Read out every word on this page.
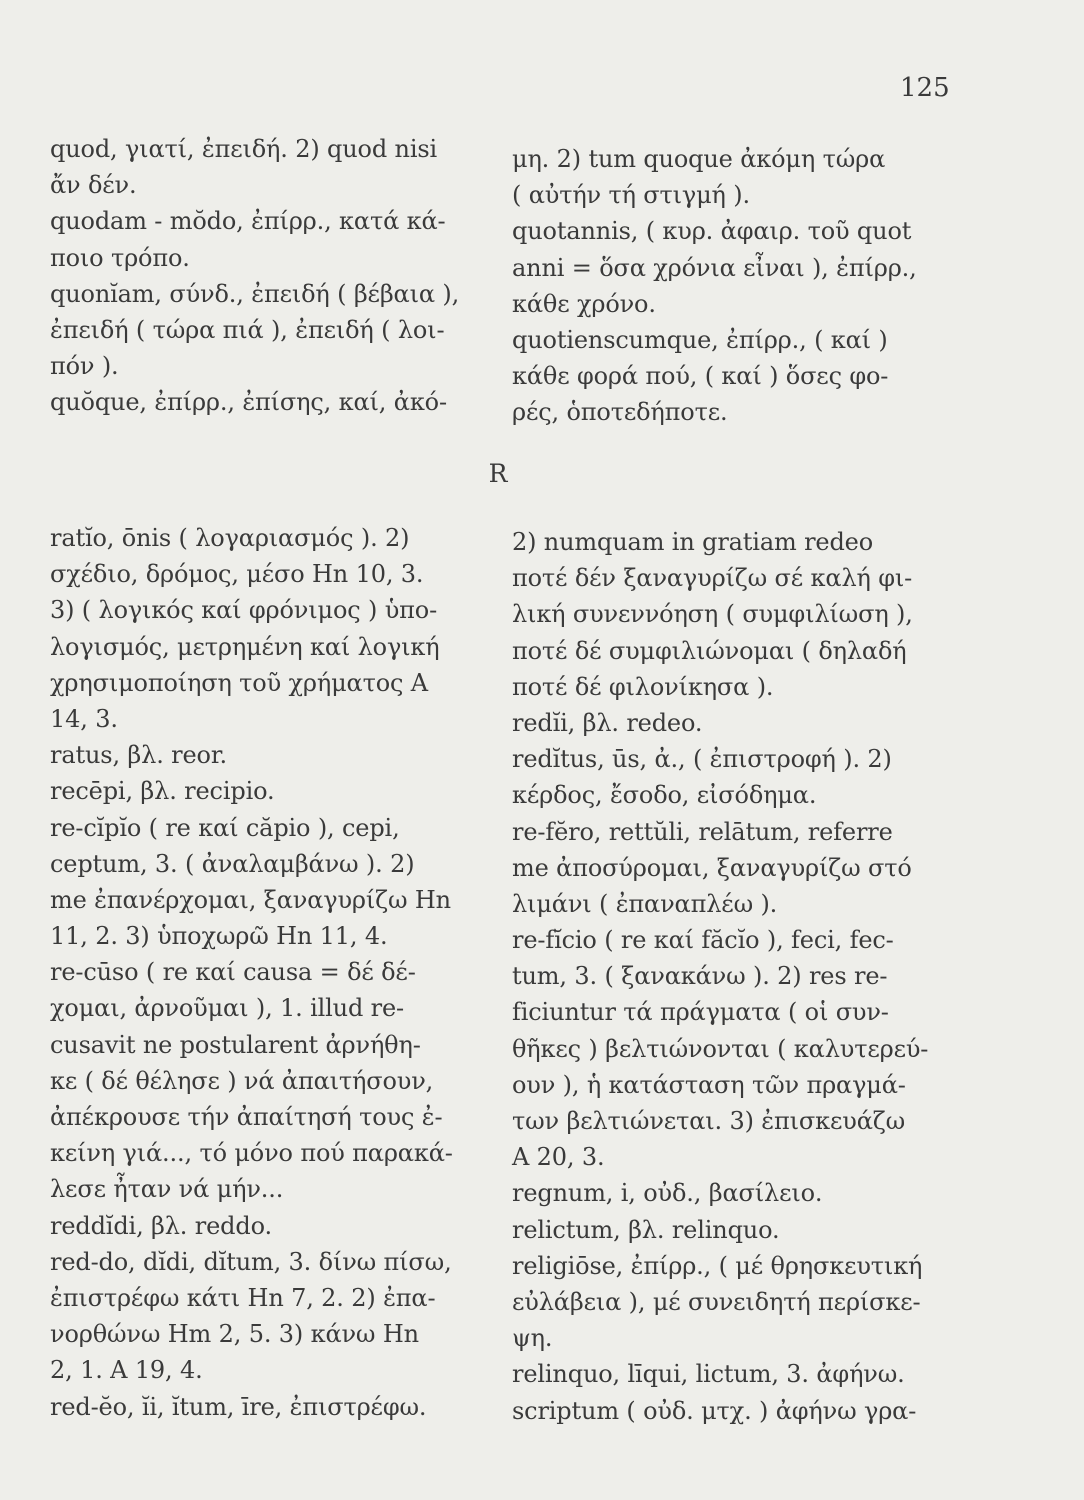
125
quod, γιατί, ἐπειδή. 2) quod nisi
ἄν δέν.
quodam - mŏdo, ἐπίρρ., κατά κά-
ποιο τρόπο.
quonĭam, σύνδ., ἐπειδή ( βέβαια ),
ἐπειδή ( τώρα πιά ), ἐπειδή ( λοι-
πόν ).
quŏque, ἐπίρρ., ἐπίσης, καί, ἀκό-
μη. 2) tum quoque ἀκόμη τώρα
( αὐτήν τή στιγμή ).
quotannis, ( κυρ. ἀφαιρ. τοῦ quot
anni = ὅσα χρόνια εἶναι ), ἐπίρρ.,
κάθε χρόνο.
quotienscumque, ἐπίρρ., ( καί )
κάθε φορά πού, ( καί ) ὅσες φο-
ρές, ὁποτεδήποτε.
R
ratĭo, ōnis ( λογαριασμός ). 2)
σχέδιο, δρόμος, μέσο Hn 10, 3.
3) ( λογικός καί φρόνιμος ) ὑπο-
λογισμός, μετρημένη καί λογική
χρησιμοποίηση τοῦ χρήματος A
14, 3.
ratus, βλ. reor.
recēpi, βλ. recipio.
re-cĭpĭo ( re καί căpio ), cepi,
ceptum, 3. ( ἀναλαμβάνω ). 2)
me ἐπανέρχομαι, ξαναγυρίζω Hn
11, 2. 3) ὑποχωρῶ Hn 11, 4.
re-cūso ( re καί causa = δέ δέ-
χομαι, ἀρνοῦμαι ), 1. illud re-
cusavit ne postularent ἀρνήθη-
κε ( δέ θέλησε ) νά ἀπαιτήσουν,
ἀπέκρουσε τήν ἀπαίτησή τους ἐ-
κείνη γιά..., τό μόνο πού παρακά-
λεσε ἦταν νά μήν...
reddĭdi, βλ. reddo.
red-do, dĭdi, dĭtum, 3. δίνω πίσω,
ἐπιστρέφω κάτι Hn 7, 2. 2) ἐπα-
νορθώνω Hm 2, 5. 3) κάνω Hn
2, 1. A 19, 4.
red-ĕo, ĭi, ĭtum, īre, ἐπιστρέφω.
2) numquam in gratiam redeo
ποτέ δέν ξαναγυρίζω σέ καλή φι-
λική συνεννόηση ( συμφιλίωση ),
ποτέ δέ συμφιλιώνομαι ( δηλαδή
ποτέ δέ φιλονίκησα ).
redĭi, βλ. redeo.
redĭtus, ūs, ἀ., ( ἐπιστροφή ). 2)
κέρδος, ἔσοδο, εἰσόδημα.
re-fĕro, rettŭli, relātum, referre
me ἀποσύρομαι, ξαναγυρίζω στό
λιμάνι ( ἐπαναπλέω ).
re-fĭcio ( re καί făcĭo ), feci, fec-
tum, 3. ( ξανακάνω ). 2) res re-
ficiuntur τά πράγματα ( οἱ συν-
θῆκες ) βελτιώνονται ( καλυτερεύ-
ουν ), ἡ κατάσταση τῶν πραγμά-
των βελτιώνεται. 3) ἐπισκευάζω
A 20, 3.
regnum, i, οὐδ., βασίλειο.
relictum, βλ. relinquo.
religiōse, ἐπίρρ., ( μέ θρησκευτική
εὐλάβεια ), μέ συνειδητή περίσκε-
ψη.
relinquo, līqui, lictum, 3. ἀφήνω.
scriptum ( οὐδ. μτχ. ) ἀφήνω γρα-
